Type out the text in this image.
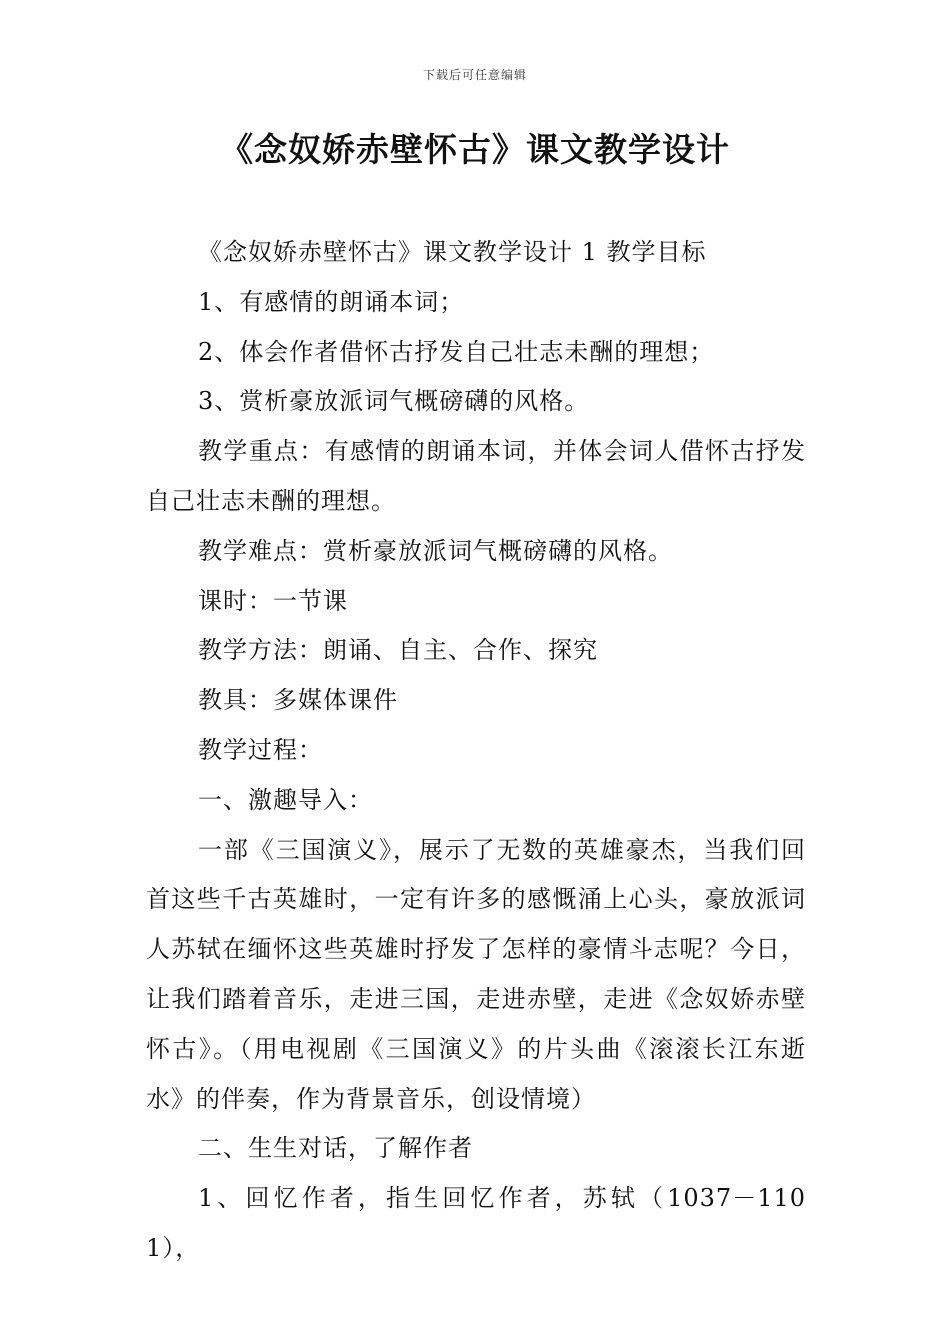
下载后可任意编辑
《念奴娇赤壁怀古》课文教学设计

《念奴娇赤壁怀古》课文教学设计 1 教学目标

1、有感情的朗诵本词；

2、体会作者借怀古抒发自己壮志未酬的理想；

3、赏析豪放派词气概磅礴的风格。

教学重点：有感情的朗诵本词，并体会词人借怀古抒发自己壮志未酬的理想。

教学难点：赏析豪放派词气概磅礴的风格。

课时：一节课

教学方法：朗诵、自主、合作、探究

教具：多媒体课件

教学过程：

一、激趣导入：

一部《三国演义》，展示了无数的英雄豪杰，当我们回首这些千古英雄时，一定有许多的感慨涌上心头，豪放派词人苏轼在缅怀这些英雄时抒发了怎样的豪情斗志呢？今日，让我们踏着音乐，走进三国，走进赤壁，走进《念奴娇赤壁怀古》。（用电视剧《三国演义》的片头曲《滚滚长江东逝水》的伴奏，作为背景音乐，创设情境）

二、生生对话，了解作者

1、回忆作者，指生回忆作者，苏轼（1037－1101），
